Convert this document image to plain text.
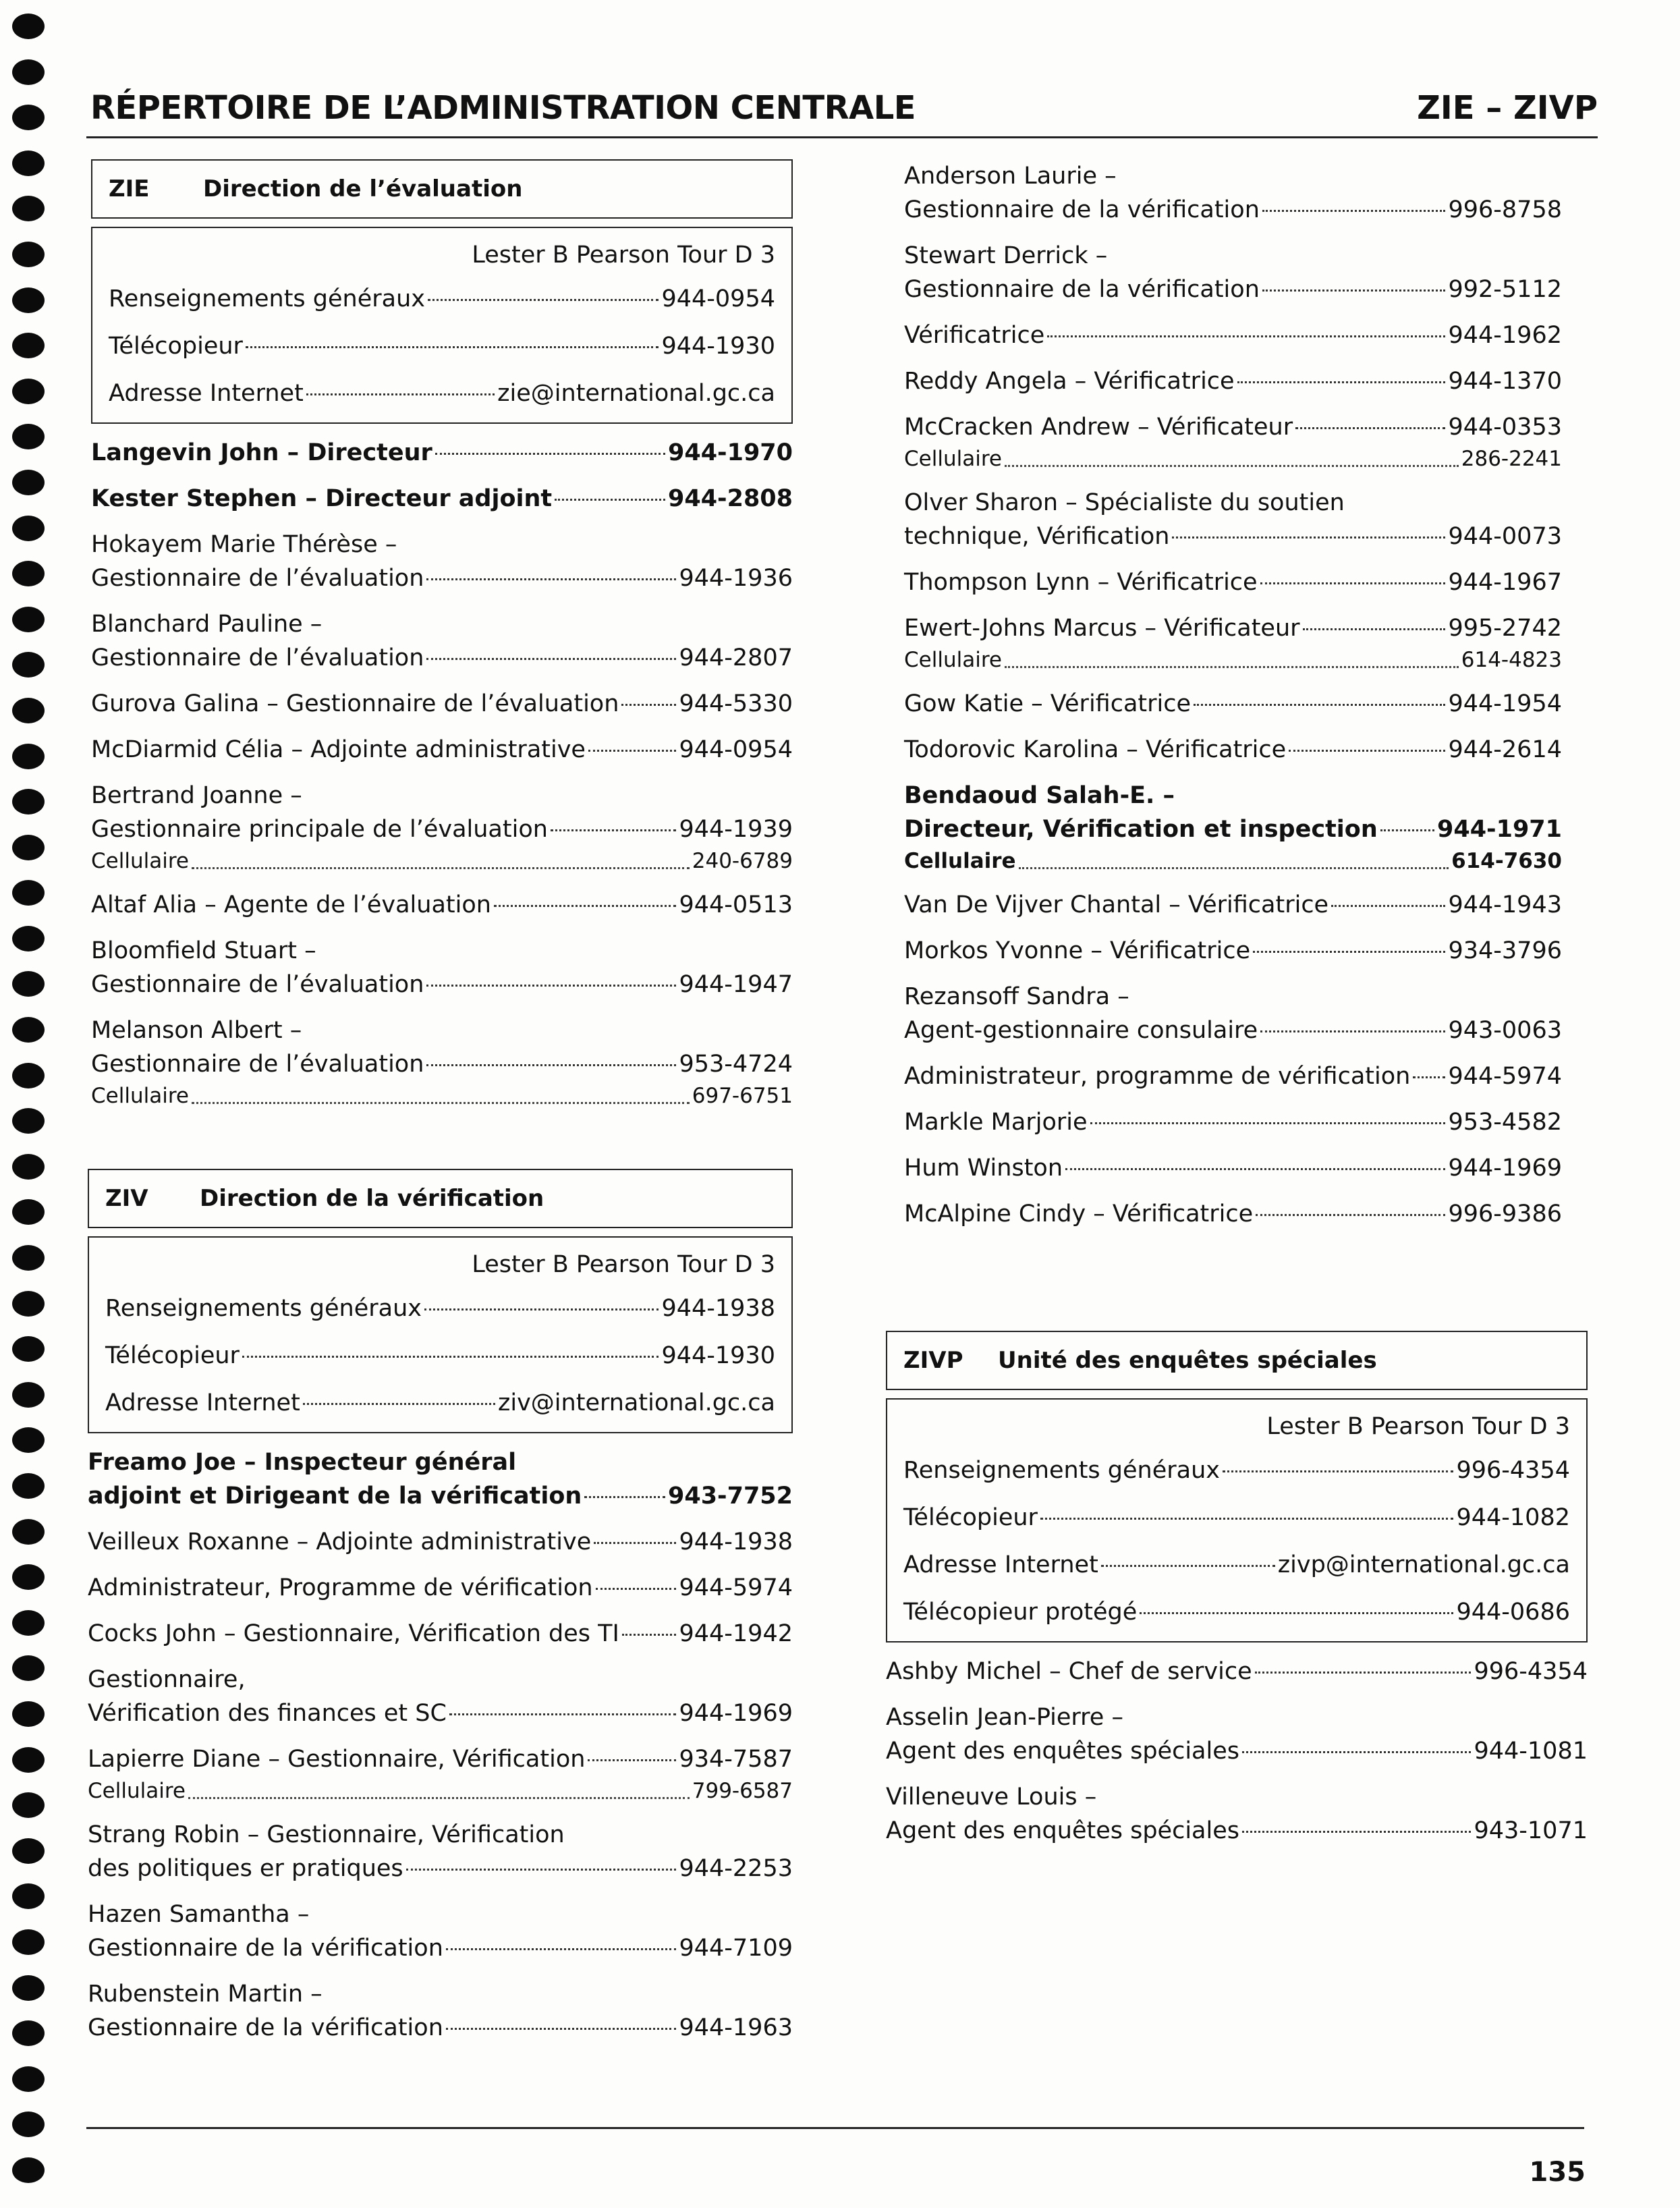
RÉPERTOIRE DE L’ADMINISTRATION CENTRALE	ZIE – ZIVP
ZIE	Direction de l’évaluation
Lester B Pearson Tour D 3
Renseignements généraux	944-0954
Télécopieur	944-1930
Adresse Internet	zie@international.gc.ca
Langevin John – Directeur	944-1970
Kester Stephen – Directeur adjoint	944-2808
Hokayem Marie Thérèse –
Gestionnaire de l’évaluation	944-1936
Blanchard Pauline –
Gestionnaire de l’évaluation	944-2807
Gurova Galina – Gestionnaire de l’évaluation	944-5330
McDiarmid Célia – Adjointe administrative	944-0954
Bertrand Joanne –
Gestionnaire principale de l’évaluation	944-1939
Cellulaire	240-6789
Altaf Alia – Agente de l’évaluation	944-0513
Bloomfield Stuart –
Gestionnaire de l’évaluation	944-1947
Melanson Albert –
Gestionnaire de l’évaluation	953-4724
Cellulaire	697-6751
ZIV	Direction de la vérification
Lester B Pearson Tour D 3
Renseignements généraux	944-1938
Télécopieur	944-1930
Adresse Internet	ziv@international.gc.ca
Freamo Joe – Inspecteur général
adjoint et Dirigeant de la vérification	943-7752
Veilleux Roxanne – Adjointe administrative	944-1938
Administrateur, Programme de vérification	944-5974
Cocks John – Gestionnaire, Vérification des TI	944-1942
Gestionnaire,
Vérification des finances et SC	944-1969
Lapierre Diane – Gestionnaire, Vérification	934-7587
Cellulaire	799-6587
Strang Robin – Gestionnaire, Vérification
des politiques er pratiques	944-2253
Hazen Samantha –
Gestionnaire de la vérification	944-7109
Rubenstein Martin –
Gestionnaire de la vérification	944-1963
Anderson Laurie –
Gestionnaire de la vérification	996-8758
Stewart Derrick –
Gestionnaire de la vérification	992-5112
Vérificatrice	944-1962
Reddy Angela – Vérificatrice	944-1370
McCracken Andrew – Vérificateur	944-0353
Cellulaire	286-2241
Olver Sharon – Spécialiste du soutien
technique, Vérification	944-0073
Thompson Lynn – Vérificatrice	944-1967
Ewert-Johns Marcus – Vérificateur	995-2742
Cellulaire	614-4823
Gow Katie – Vérificatrice	944-1954
Todorovic Karolina – Vérificatrice	944-2614
Bendaoud Salah-E. –
Directeur, Vérification et inspection	944-1971
Cellulaire	614-7630
Van De Vijver Chantal – Vérificatrice	944-1943
Morkos Yvonne – Vérificatrice	934-3796
Rezansoff Sandra –
Agent-gestionnaire consulaire	943-0063
Administrateur, programme de vérification 944-5974
Markle Marjorie	953-4582
Hum Winston	944-1969
McAlpine Cindy – Vérificatrice	996-9386
ZIVP	Unité des enquêtes spéciales
Lester B Pearson Tour D 3
Renseignements généraux	996-4354
Télécopieur	944-1082
Adresse Internet	zivp@international.gc.ca
Télécopieur protégé	944-0686
Ashby Michel – Chef de service	996-4354
Asselin Jean-Pierre –
Agent des enquêtes spéciales	944-1081
Villeneuve Louis –
Agent des enquêtes spéciales	943-1071
135
